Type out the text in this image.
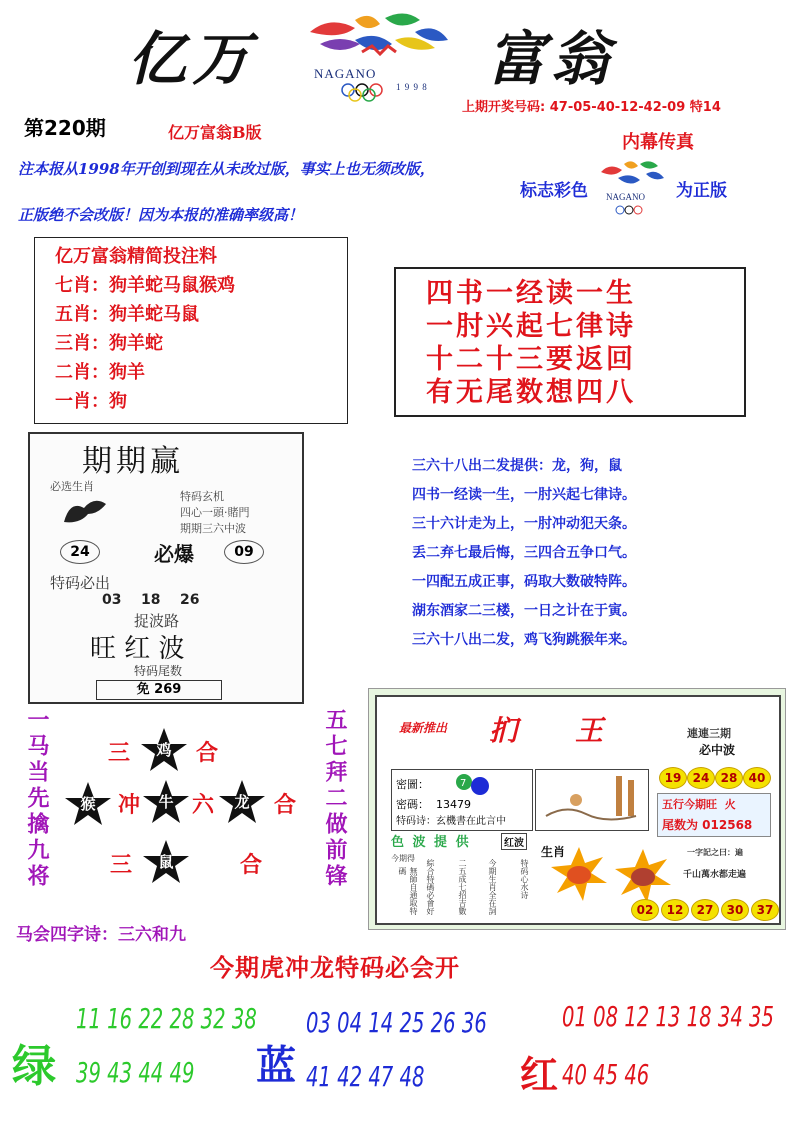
亿万	NAGANO
1 9 9 8 富翁
上期开奖号码: 47-05-40-12-42-09 特14
第220期	亿万富翁B版	内幕传真
注本报从1998年开创到现在从未改过版，事实上也无须改版，
正版绝不会改版！因为本报的准确率级高！
标志彩色 NAGANO 为正版
亿万富翁精简投注料
七肖：狗羊蛇马鼠猴鸡
五肖：狗羊蛇马鼠
三肖：狗羊蛇
二肖：狗羊
一肖：狗
四书一经读一生
一肘兴起七律诗
十二十三要返回
有无尾数想四八
期期赢
必选生肖
特码玄机
四心一頭·賭門
期期三六中波
24	必爆	09
特码必出
03    18    26
捉波路
旺 红 波
特码尾数
免 269
三六十八出二发提供：龙，狗，鼠
四书一经读一生，一肘兴起七律诗。
三十六计走为上，一肘冲动犯天条。
丢二弃七最后悔，三四合五争口气。
一四配五成正事，码取大数破特阵。
湖东酒家二三楼，一日之计在于寅。
三六十八出二发，鸡飞狗跳猴年来。
一马当先擒九将	五七拜二做前锋
三	鸡	合
猴	冲	牛 六	龙	合
三	鼠	合
马会四字诗：三六和九
最新推出 扪 王	連連三期
必中波
密圖：	7
密碼：  13479
特码诗：玄機書在此言中
19 24 28 40
五行今期旺  火
尾数为 012568
色 波 提 供	红波
生肖
今期得
無師自通取特碼	綜合特碼必會好	二五成七招吉數	今期生肖全在詞	特码心水诗
一字記之曰：遍
千山萬水都走遍
02	12	27	30	37
今期虎冲龙特码必会开
绿
11 16 22 28 32 38
39 43 44 49 蓝
03 04 14 25 26 36
41 42 47 48	红
01 08 12 13 18 34 35
40 45 46
